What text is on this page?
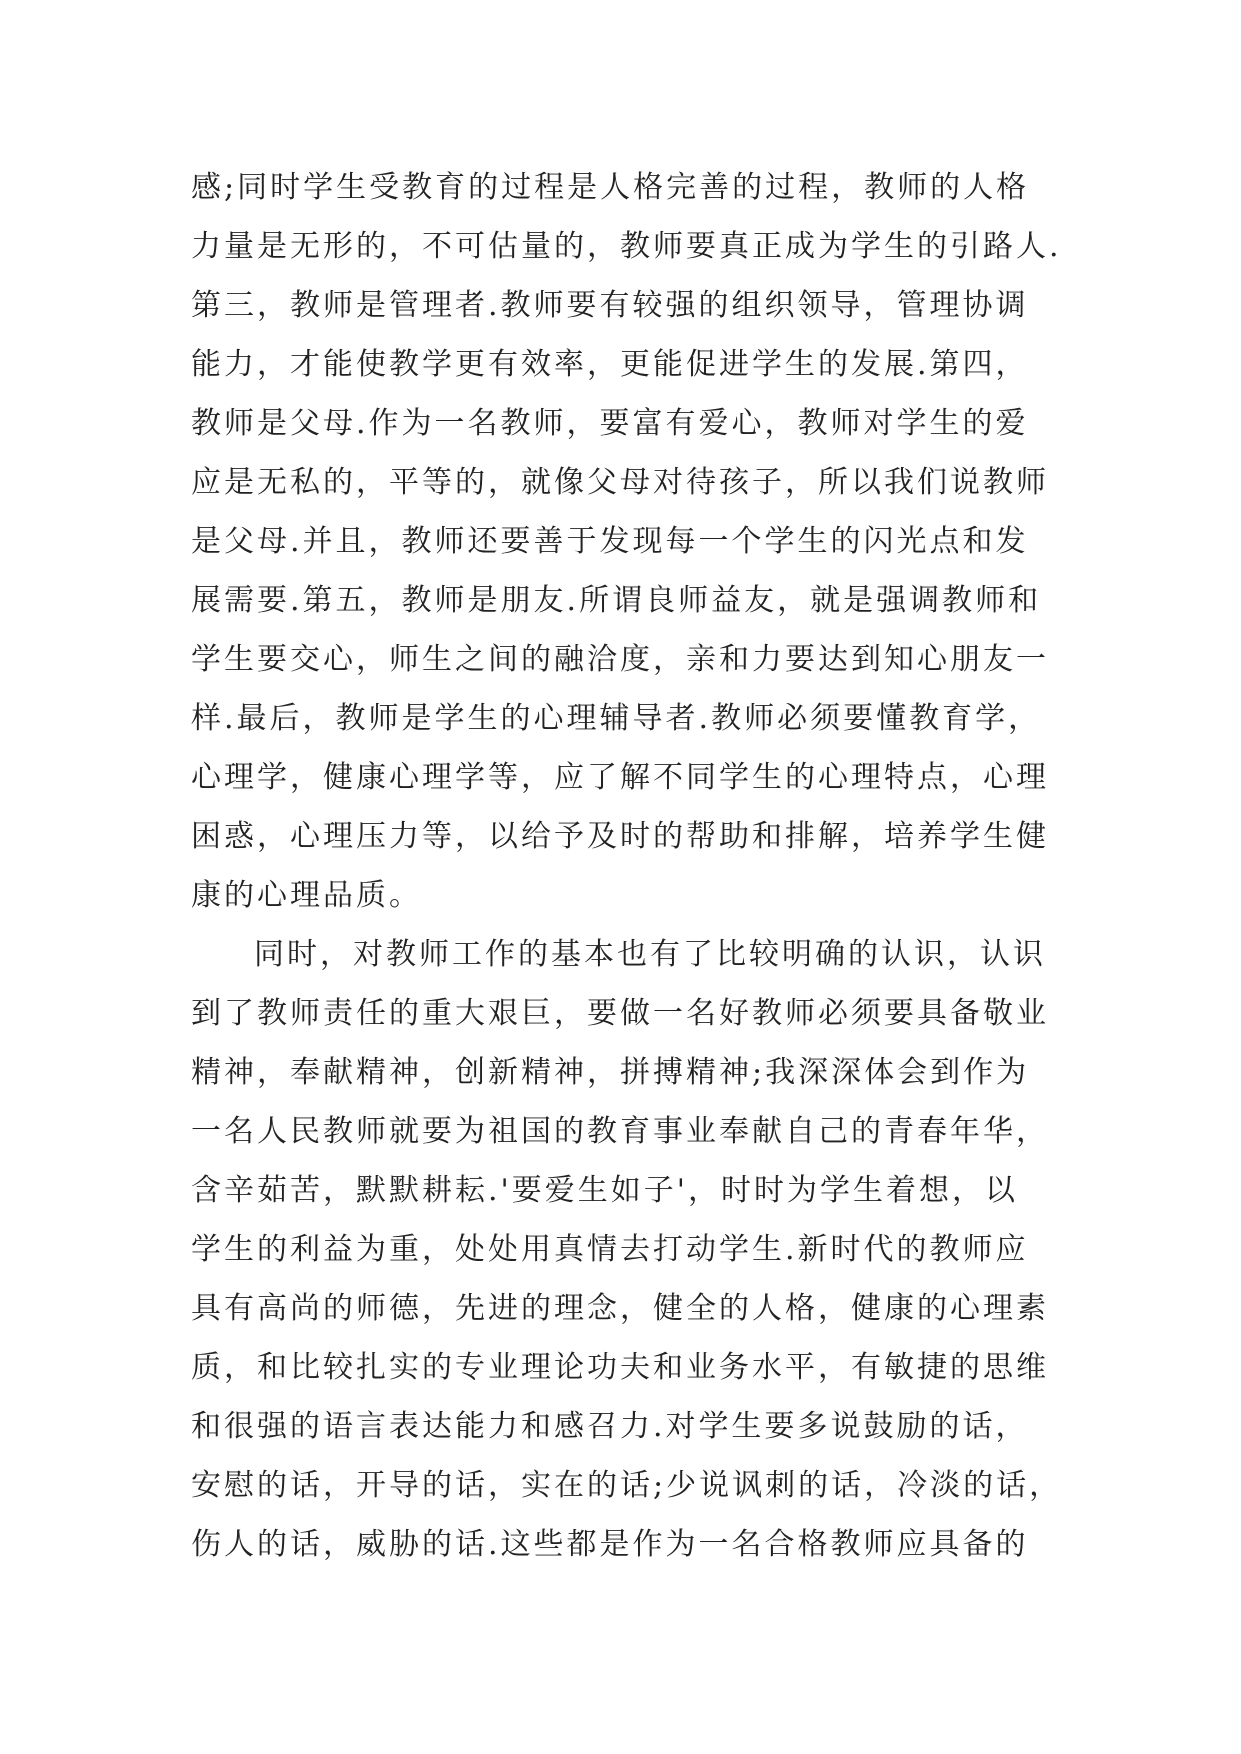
感;同时学生受教育的过程是人格完善的过程，教师的人格
力量是无形的，不可估量的，教师要真正成为学生的引路人.
第三，教师是管理者.教师要有较强的组织领导，管理协调
能力，才能使教学更有效率，更能促进学生的发展.第四，
教师是父母.作为一名教师，要富有爱心，教师对学生的爱
应是无私的，平等的，就像父母对待孩子，所以我们说教师
是父母.并且，教师还要善于发现每一个学生的闪光点和发
展需要.第五，教师是朋友.所谓良师益友，就是强调教师和
学生要交心，师生之间的融洽度，亲和力要达到知心朋友一
样.最后，教师是学生的心理辅导者.教师必须要懂教育学，
心理学，健康心理学等，应了解不同学生的心理特点，心理
困惑，心理压力等，以给予及时的帮助和排解，培养学生健
康的心理品质。
同时，对教师工作的基本也有了比较明确的认识，认识
到了教师责任的重大艰巨，要做一名好教师必须要具备敬业
精神，奉献精神，创新精神，拼搏精神;我深深体会到作为
一名人民教师就要为祖国的教育事业奉献自己的青春年华，
含辛茹苦，默默耕耘.'要爱生如子'，时时为学生着想，以
学生的利益为重，处处用真情去打动学生.新时代的教师应
具有高尚的师德，先进的理念，健全的人格，健康的心理素
质，和比较扎实的专业理论功夫和业务水平，有敏捷的思维
和很强的语言表达能力和感召力.对学生要多说鼓励的话，
安慰的话，开导的话，实在的话;少说讽刺的话，冷淡的话，
伤人的话，威胁的话.这些都是作为一名合格教师应具备的
